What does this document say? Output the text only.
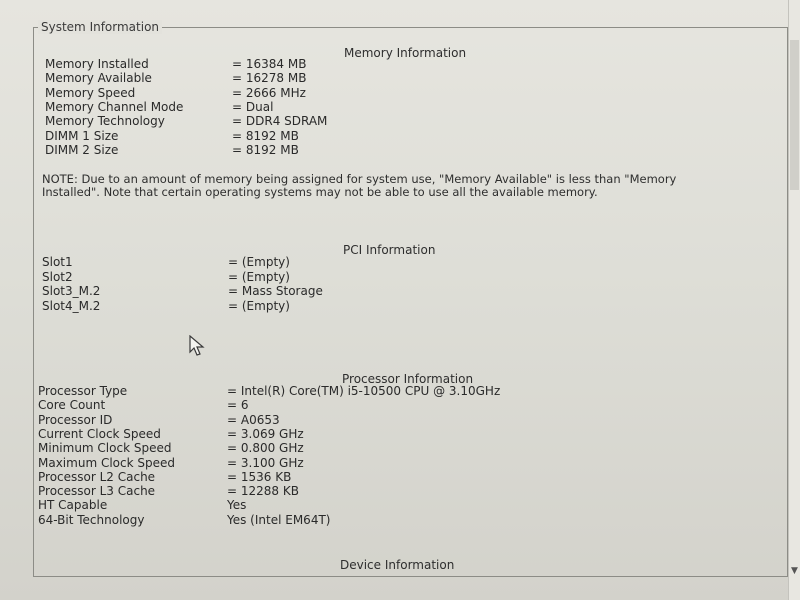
System Information
▼
Memory Information
Memory Installed	= 16384 MB
Memory Available	= 16278 MB
Memory Speed	= 2666 MHz
Memory Channel Mode	= Dual
Memory Technology	= DDR4 SDRAM
DIMM 1 Size	= 8192 MB
DIMM 2 Size	= 8192 MB
NOTE: Due to an amount of memory being assigned for system use, "Memory Available" is less than "Memory Installed". Note that certain operating systems may not be able to use all the available memory.
PCI Information
Slot1	= (Empty)
Slot2	= (Empty)
Slot3_M.2	= Mass Storage
Slot4_M.2	= (Empty)
Processor Information
Processor Type	= Intel(R) Core(TM) i5-10500 CPU @ 3.10GHz
Core Count	= 6
Processor ID	= A0653
Current Clock Speed	= 3.069 GHz
Minimum Clock Speed	= 0.800 GHz
Maximum Clock Speed	= 3.100 GHz
Processor L2 Cache	= 1536 KB
Processor L3 Cache	= 12288 KB
HT Capable	Yes
64-Bit Technology	Yes (Intel EM64T)
Device Information
